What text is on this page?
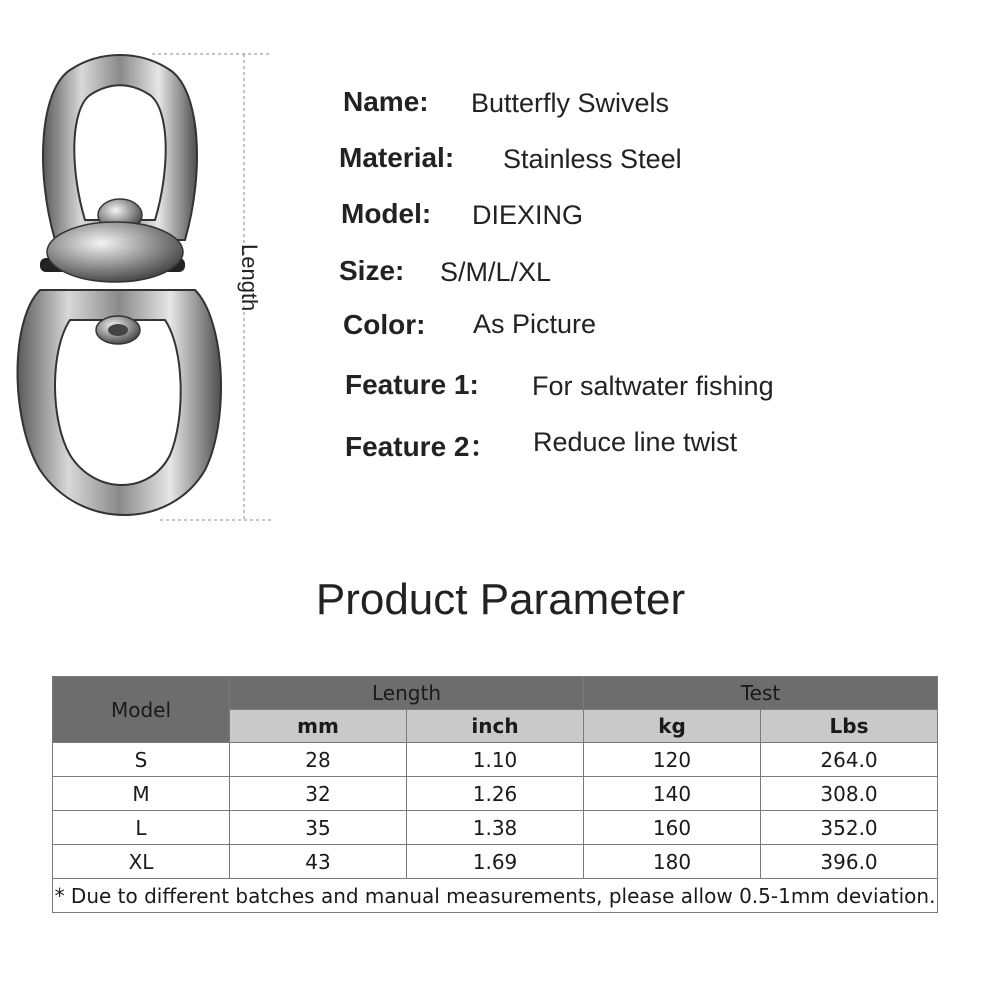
Length
Name: Butterfly Swivels
Material: Stainless Steel
Model: DIEXING
Size: S/M/L/XL
Color: As Picture
Feature 1: For saltwater fishing
Feature 2： Reduce line twist
Product Parameter
Model	Length		Test	
	mm	inch	kg	Lbs
S	28	1.10	120	264.0
M	32	1.26	140	308.0
L	35	1.38	160	352.0
XL	43	1.69	180	396.0
* Due to different batches and manual measurements, please allow 0.5-1mm deviation.				
